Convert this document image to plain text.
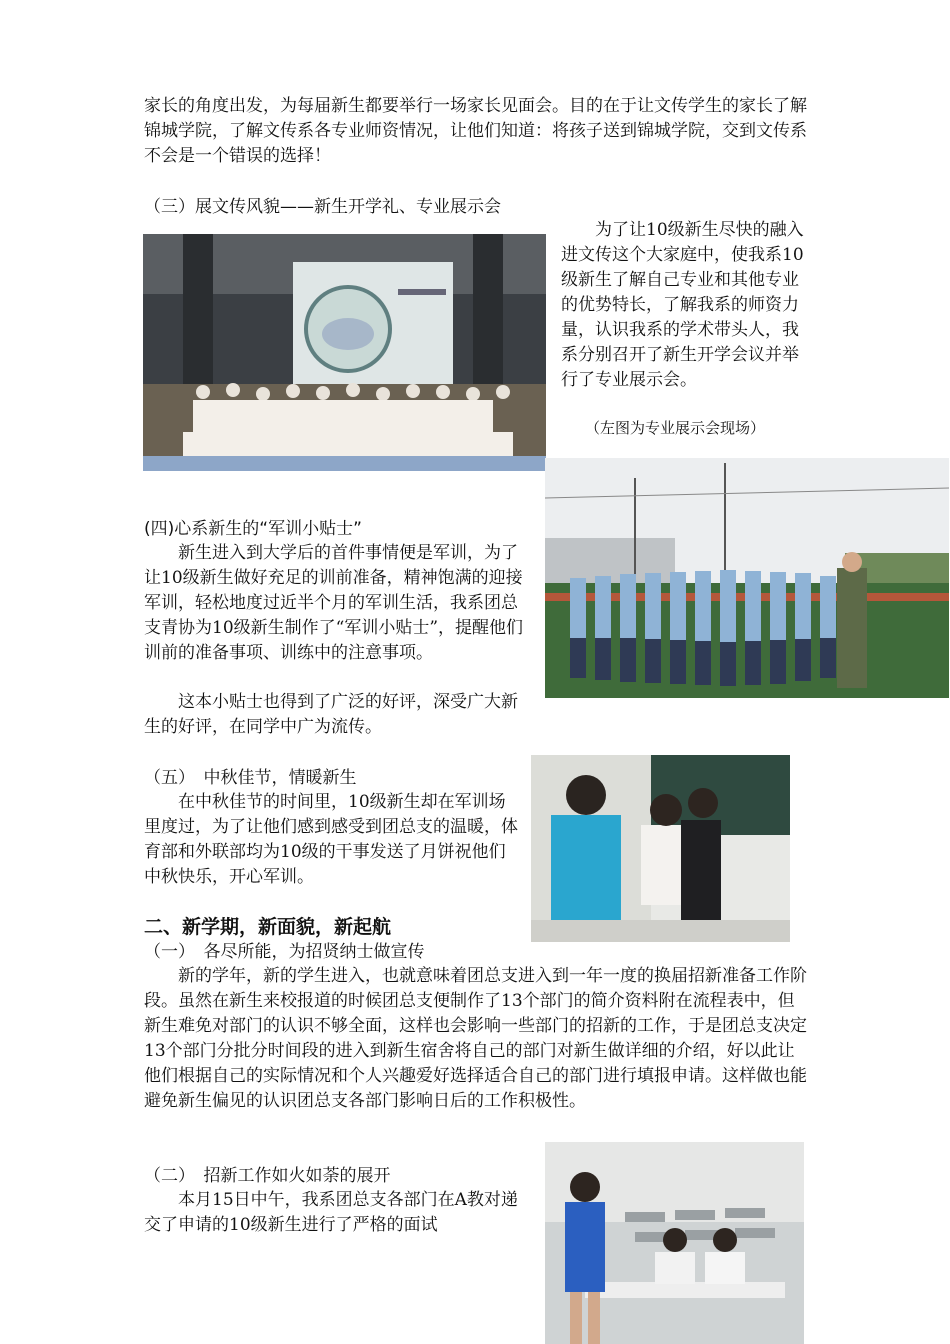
家长的角度出发，为每届新生都要举行一场家长见面会。目的在于让文传学生的家长了解锦城学院，了解文传系各专业师资情况，让他们知道：将孩子送到锦城学院，交到文传系不会是一个错误的选择！

（三）展文传风貌——新生开学礼、专业展示会

为了让10级新生尽快的融入进文传这个大家庭中，使我系10级新生了解自己专业和其他专业的优势特长，了解我系的师资力量，认识我系的学术带头人，我系分别召开了新生开学会议并举行了专业展示会。

（左图为专业展示会现场）

(四)心系新生的“军训小贴士”

新生进入到大学后的首件事情便是军训，为了让10级新生做好充足的训前准备，精神饱满的迎接军训，轻松地度过近半个月的军训生活，我系团总支青协为10级新生制作了“军训小贴士”，提醒他们训前的准备事项、训练中的注意事项。

这本小贴士也得到了广泛的好评，深受广大新生的好评，在同学中广为流传。

（五）　中秋佳节，情暖新生

在中秋佳节的时间里，10级新生却在军训场里度过，为了让他们感到感受到团总支的温暖，体育部和外联部均为10级的干事发送了月饼祝他们中秋快乐，开心军训。

二、新学期，新面貌，新起航

（一）　各尽所能，为招贤纳士做宣传

新的学年，新的学生进入，也就意味着团总支进入到一年一度的换届招新准备工作阶段。虽然在新生来校报道的时候团总支便制作了13个部门的简介资料附在流程表中，但新生难免对部门的认识不够全面，这样也会影响一些部门的招新的工作，于是团总支决定13个部门分批分时间段的进入到新生宿舍将自己的部门对新生做详细的介绍，好以此让他们根据自己的实际情况和个人兴趣爱好选择适合自己的部门进行填报申请。这样做也能避免新生偏见的认识团总支各部门影响日后的工作积极性。

（二）　招新工作如火如荼的展开

本月15日中午，我系团总支各部门在A教对递交了申请的10级新生进行了严格的面试
